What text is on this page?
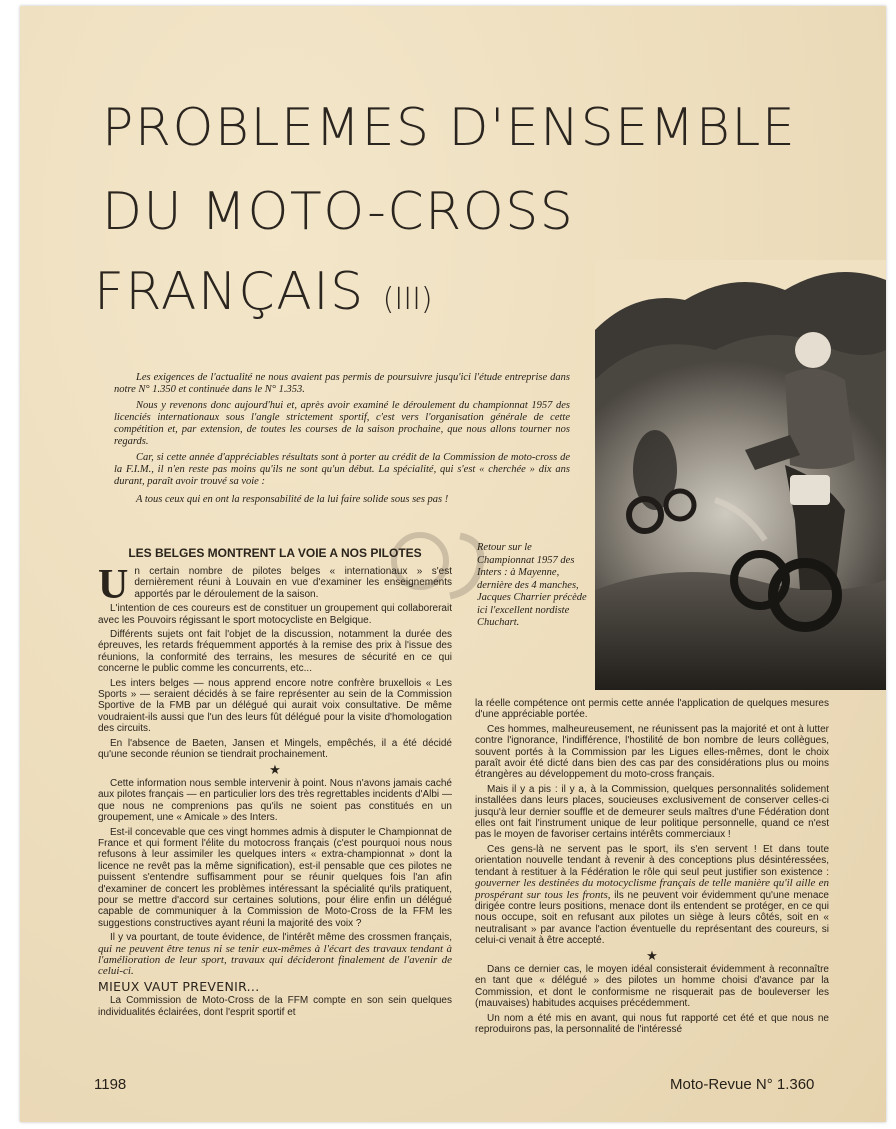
PROBLEMES D'ENSEMBLE
DU MOTO-CROSS
FRANÇAIS (III)

Les exigences de l'actualité ne nous avaient pas permis de poursuivre jusqu'ici l'étude entreprise dans notre N° 1.350 et continuée dans le N° 1.353.

Nous y revenons donc aujourd'hui et, après avoir examiné le déroulement du championnat 1957 des licenciés internationaux sous l'angle strictement sportif, c'est vers l'organisation générale de cette compétition et, par extension, de toutes les courses de la saison prochaine, que nous allons tourner nos regards.

Car, si cette année d'appréciables résultats sont à porter au crédit de la Commission de moto-cross de la F.I.M., il n'en reste pas moins qu'ils ne sont qu'un début. La spécialité, qui s'est « cherchée » dix ans durant, paraît avoir trouvé sa voie :

A tous ceux qui en ont la responsabilité de la lui faire solide sous ses pas !

Retour sur le Championnat 1957 des Inters : à Mayenne, dernière des 4 manches, Jacques Charrier précède ici l'excellent nordiste Chuchart.
LES BELGES MONTRENT LA VOIE A NOS PILOTES

Un certain nombre de pilotes belges « internationaux » s'est dernièrement réuni à Louvain en vue d'examiner les enseignements apportés par le déroulement de la saison.

L'intention de ces coureurs est de constituer un groupement qui collaborerait avec les Pouvoirs régissant le sport motocycliste en Belgique.

Différents sujets ont fait l'objet de la discussion, notamment la durée des épreuves, les retards fréquemment apportés à la remise des prix à l'issue des réunions, la conformité des terrains, les mesures de sécurité en ce qui concerne le public comme les concurrents, etc...

Les inters belges — nous apprend encore notre confrère bruxellois « Les Sports » — seraient décidés à se faire représenter au sein de la Commission Sportive de la FMB par un délégué qui aurait voix consultative. De même voudraient-ils aussi que l'un des leurs fût délégué pour la visite d'homologation des circuits.

En l'absence de Baeten, Jansen et Mingels, empêchés, il a été décidé qu'une seconde réunion se tiendrait prochainement.

★

Cette information nous semble intervenir à point. Nous n'avons jamais caché aux pilotes français — en particulier lors des très regrettables incidents d'Albi — que nous ne comprenions pas qu'ils ne soient pas constitués en un groupement, une « Amicale » des Inters.

Est-il concevable que ces vingt hommes admis à disputer le Championnat de France et qui forment l'élite du motocross français (c'est pourquoi nous nous refusons à leur assimiler les quelques inters « extra-championnat » dont la licence ne revêt pas la même signification), est-il pensable que ces pilotes ne puissent s'entendre suffisamment pour se réunir quelques fois l'an afin d'examiner de concert les problèmes intéressant la spécialité qu'ils pratiquent, pour se mettre d'accord sur certaines solutions, pour élire enfin un délégué capable de communiquer à la Commission de Moto-Cross de la FFM les suggestions constructives ayant réuni la majorité des voix ?

Il y va pourtant, de toute évidence, de l'intérêt même des crossmen français, qui ne peuvent être tenus ni se tenir eux-mêmes à l'écart des travaux tendant à l'amélioration de leur sport, travaux qui décideront finalement de l'avenir de celui-ci.

MIEUX VAUT PREVENIR...

La Commission de Moto-Cross de la FFM compte en son sein quelques individualités éclairées, dont l'esprit sportif et

la réelle compétence ont permis cette année l'application de quelques mesures d'une appréciable portée.

Ces hommes, malheureusement, ne réunissent pas la majorité et ont à lutter contre l'ignorance, l'indifférence, l'hostilité de bon nombre de leurs collègues, souvent portés à la Commission par les Ligues elles-mêmes, dont le choix paraît avoir été dicté dans bien des cas par des considérations plus ou moins étrangères au développement du moto-cross français.

Mais il y a pis : il y a, à la Commission, quelques personnalités solidement installées dans leurs places, soucieuses exclusivement de conserver celles-ci jusqu'à leur dernier souffle et de demeurer seuls maîtres d'une Fédération dont elles ont fait l'instrument unique de leur politique personnelle, quand ce n'est pas le moyen de favoriser certains intérêts commerciaux !

Ces gens-là ne servent pas le sport, ils s'en servent ! Et dans toute orientation nouvelle tendant à revenir à des conceptions plus désintéressées, tendant à restituer à la Fédération le rôle qui seul peut justifier son existence : gouverner les destinées du motocyclisme français de telle manière qu'il aille en prospérant sur tous les fronts, ils ne peuvent voir évidemment qu'une menace dirigée contre leurs positions, menace dont ils entendent se protéger, en ce qui nous occupe, soit en refusant aux pilotes un siège à leurs côtés, soit en « neutralisant » par avance l'action éventuelle du représentant des coureurs, si celui-ci venait à être accepté.

★

Dans ce dernier cas, le moyen idéal consisterait évidemment à reconnaître en tant que « délégué » des pilotes un homme choisi d'avance par la Commission, et dont le conformisme ne risquerait pas de bouleverser les (mauvaises) habitudes acquises précédemment.

Un nom a été mis en avant, qui nous fut rapporté cet été et que nous ne reproduirons pas, la personnalité de l'intéressé

1198	Moto-Revue N° 1.360
